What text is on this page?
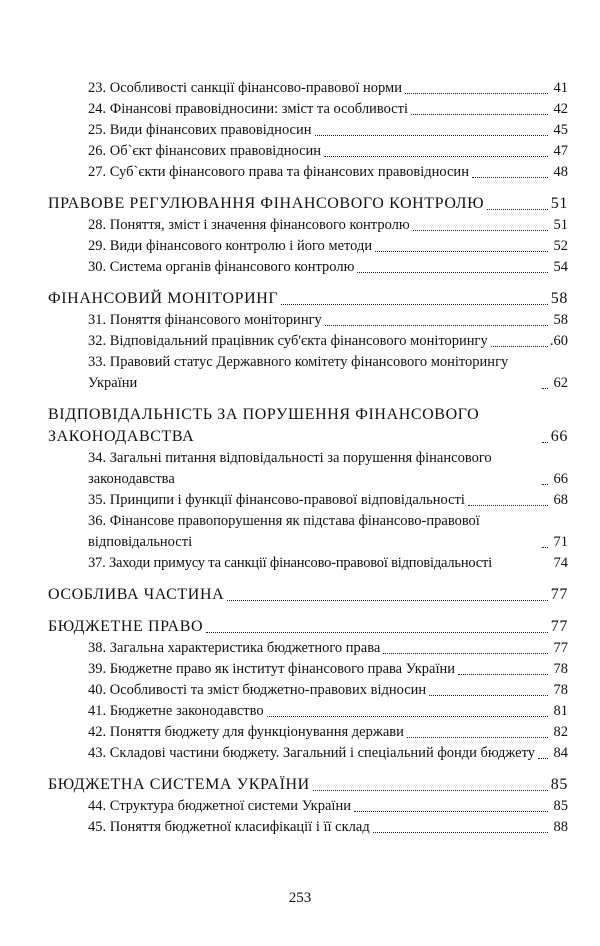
23. Особливості санкції фінансово-правової норми	41
24. Фінансові правовідносини: зміст та особливості	42
25. Види фінансових правовідносин	45
26. Об`єкт фінансових правовідносин	47
27. Суб`єкти фінансового права та фінансових правовідносин	48
ПРАВОВЕ РЕГУЛЮВАННЯ ФІНАНСОВОГО КОНТРОЛЮ	51
28. Поняття, зміст і значення фінансового контролю	51
29. Види фінансового контролю і його методи	52
30. Система органів фінансового контролю	54
ФІНАНСОВИЙ МОНІТОРИНГ	58
31. Поняття фінансового моніторингу	58
32. Відповідальний працівник суб'єкта фінансового моніторингу	.60
33. Правовий статус Державного комітету фінансового моніторингу України	62
ВІДПОВІДАЛЬНІСТЬ ЗА ПОРУШЕННЯ ФІНАНСОВОГО ЗАКОНОДАВСТВА	66
34. Загальні питання відповідальності за порушення фінансового законодавства	66
35. Принципи і функції фінансово-правової відповідальності	68
36. Фінансове правопорушення як підстава фінансово-правової відповідальності	71
37. Заходи примусу та санкції фінансово-правової відповідальності	74
ОСОБЛИВА ЧАСТИНА	77
БЮДЖЕТНЕ ПРАВО	77
38. Загальна характеристика бюджетного права	77
39. Бюджетне право як інститут фінансового права України	78
40. Особливості та зміст бюджетно-правових відносин	78
41. Бюджетне законодавство	81
42. Поняття бюджету для функціонування держави	82
43. Складові частини бюджету. Загальний і спеціальний фонди бюджету 84
БЮДЖЕТНА СИСТЕМА УКРАЇНИ	85
44. Структура бюджетної системи України	85
45. Поняття бюджетної класифікації і її склад	88
253
